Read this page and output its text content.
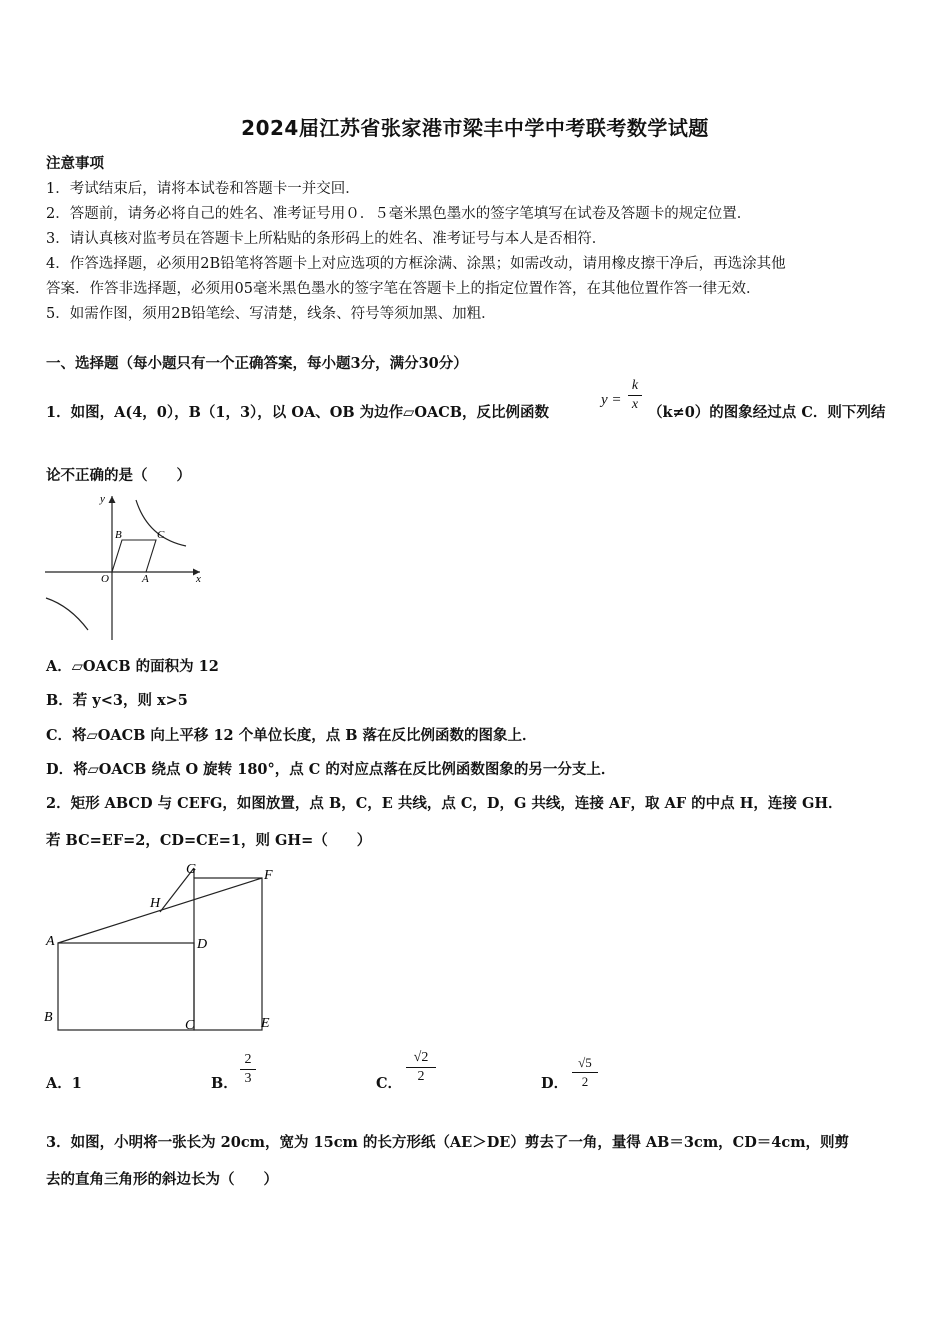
2024届江苏省张家港市梁丰中学中考联考数学试题
注意事项
1．考试结束后，请将本试卷和答题卡一并交回．
2．答题前，请务必将自己的姓名、准考证号用０．５毫米黑色墨水的签字笔填写在试卷及答题卡的规定位置．
3．请认真核对监考员在答题卡上所粘贴的条形码上的姓名、准考证号与本人是否相符．
4．作答选择题，必须用2B铅笔将答题卡上对应选项的方框涂满、涂黑；如需改动，请用橡皮擦干净后，再选涂其他
答案．作答非选择题，必须用05毫米黑色墨水的签字笔在答题卡上的指定位置作答，在其他位置作答一律无效．
5．如需作图，须用2B铅笔绘、写清楚，线条、符号等须加黑、加粗．
一、选择题（每小题只有一个正确答案，每小题3分，满分30分）
1．如图，A(4，0），B（1，3），以 OA、OB 为边作▱OACB，反比例函数
y =
k
x （k≠0）的图象经过点 C．则下列结
论不正确的是（　　）
y
x
O	A
B	C
A．▱OACB 的面积为 12
B．若 y<3，则 x>5
C．将▱OACB 向上平移 12 个单位长度，点 B 落在反比例函数的图象上．
D．将▱OACB 绕点 O 旋转 180°，点 C 的对应点落在反比例函数图象的另一分支上．
2．矩形 ABCD 与 CEFG，如图放置，点 B，C，E 共线，点 C，D，G 共线，连接 AF，取 AF 的中点 H，连接 GH．
若 BC=EF=2，CD=CE=1，则 GH=（　　）
G	F
H
A	D
B
C	E
A．1	B．
2
3	C．
√2
2	D．
√5
2
3．如图，小明将一张长为 20cm，宽为 15cm 的长方形纸（AE＞DE）剪去了一角，量得 AB＝3cm，CD＝4cm，则剪
去的直角三角形的斜边长为（　　）
